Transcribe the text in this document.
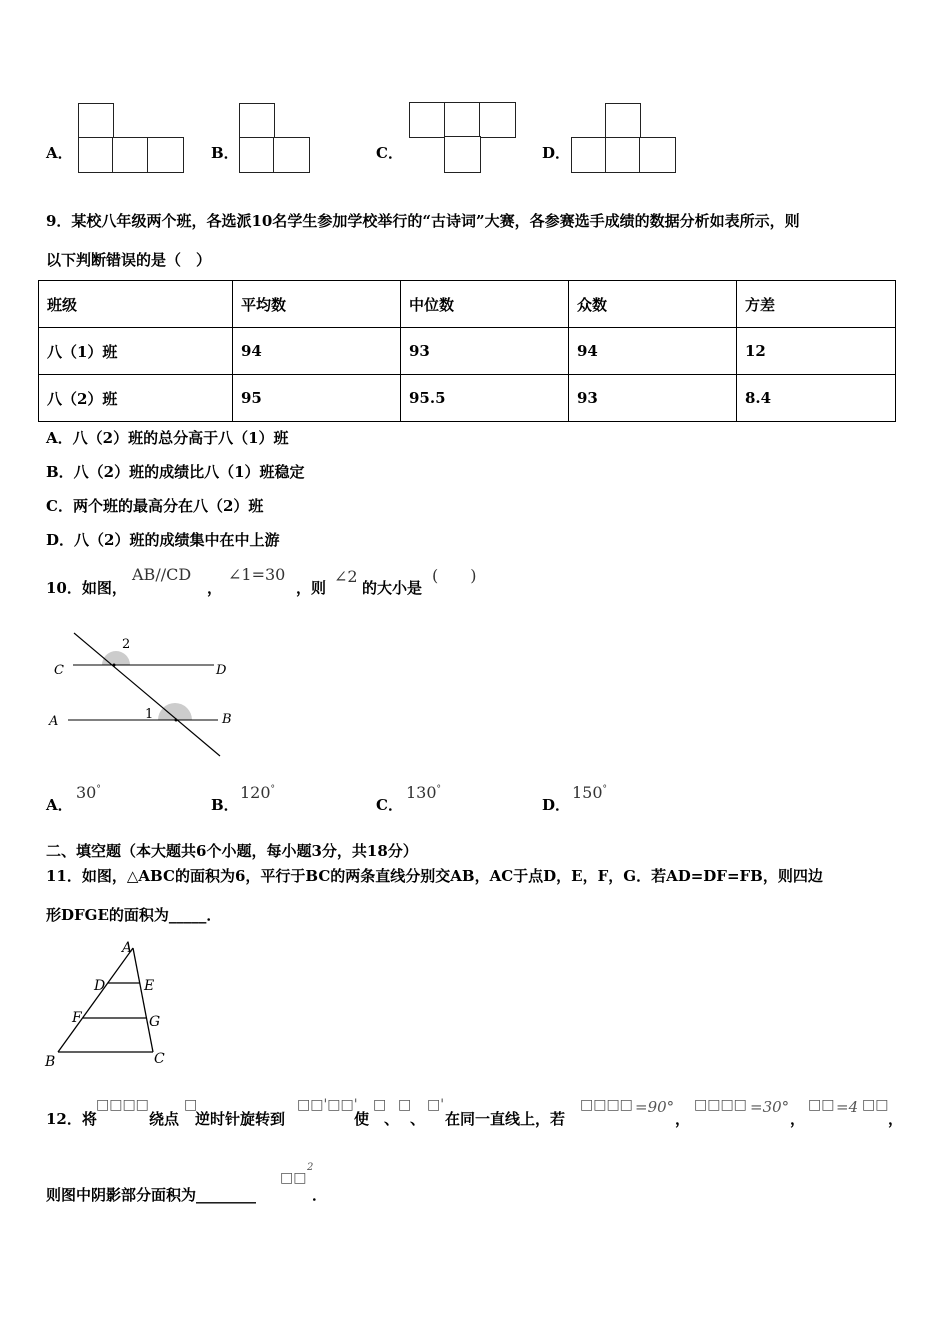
A．	B．	C．	D．
9．某校八年级两个班，各选派10名学生参加学校举行的“古诗词”大赛，各参赛选手成绩的数据分析如表所示，则
以下判断错误的是（　）
班级	平均数	中位数	众数	方差
八（1）班	94	93	94	12
八（2）班	95	95.5	93	8.4
A．八（2）班的总分高于八（1）班
B．八（2）班的成绩比八（1）班稳定
C．两个班的最高分在八（2）班
D．八（2）班的成绩集中在中上游
10．如图，
AB//CD
，
∠1=30
，则
∠2
的大小是
(　　)
C	D
A	B
2
1
A．
30°
B．
120°
C．
130°
D．
150°
二、填空题（本大题共6个小题，每小题3分，共18分）
11．如图，△ABC的面积为6，平行于BC的两条直线分别交AB，AC于点D，E，F，G．若AD=DF=FB，则四边
形DFGE的面积为_____．
A
D	E
F	G
B	C
12．将
□□□□
绕点
□
逆时针旋转到
□□'□□'
使
□
、
□
、
□'
在同一直线上，若
□□□□ =90°
，
□□□□ =30°
，
□□ =4 □□
，
则图中阴影部分面积为________
□□
2
．
